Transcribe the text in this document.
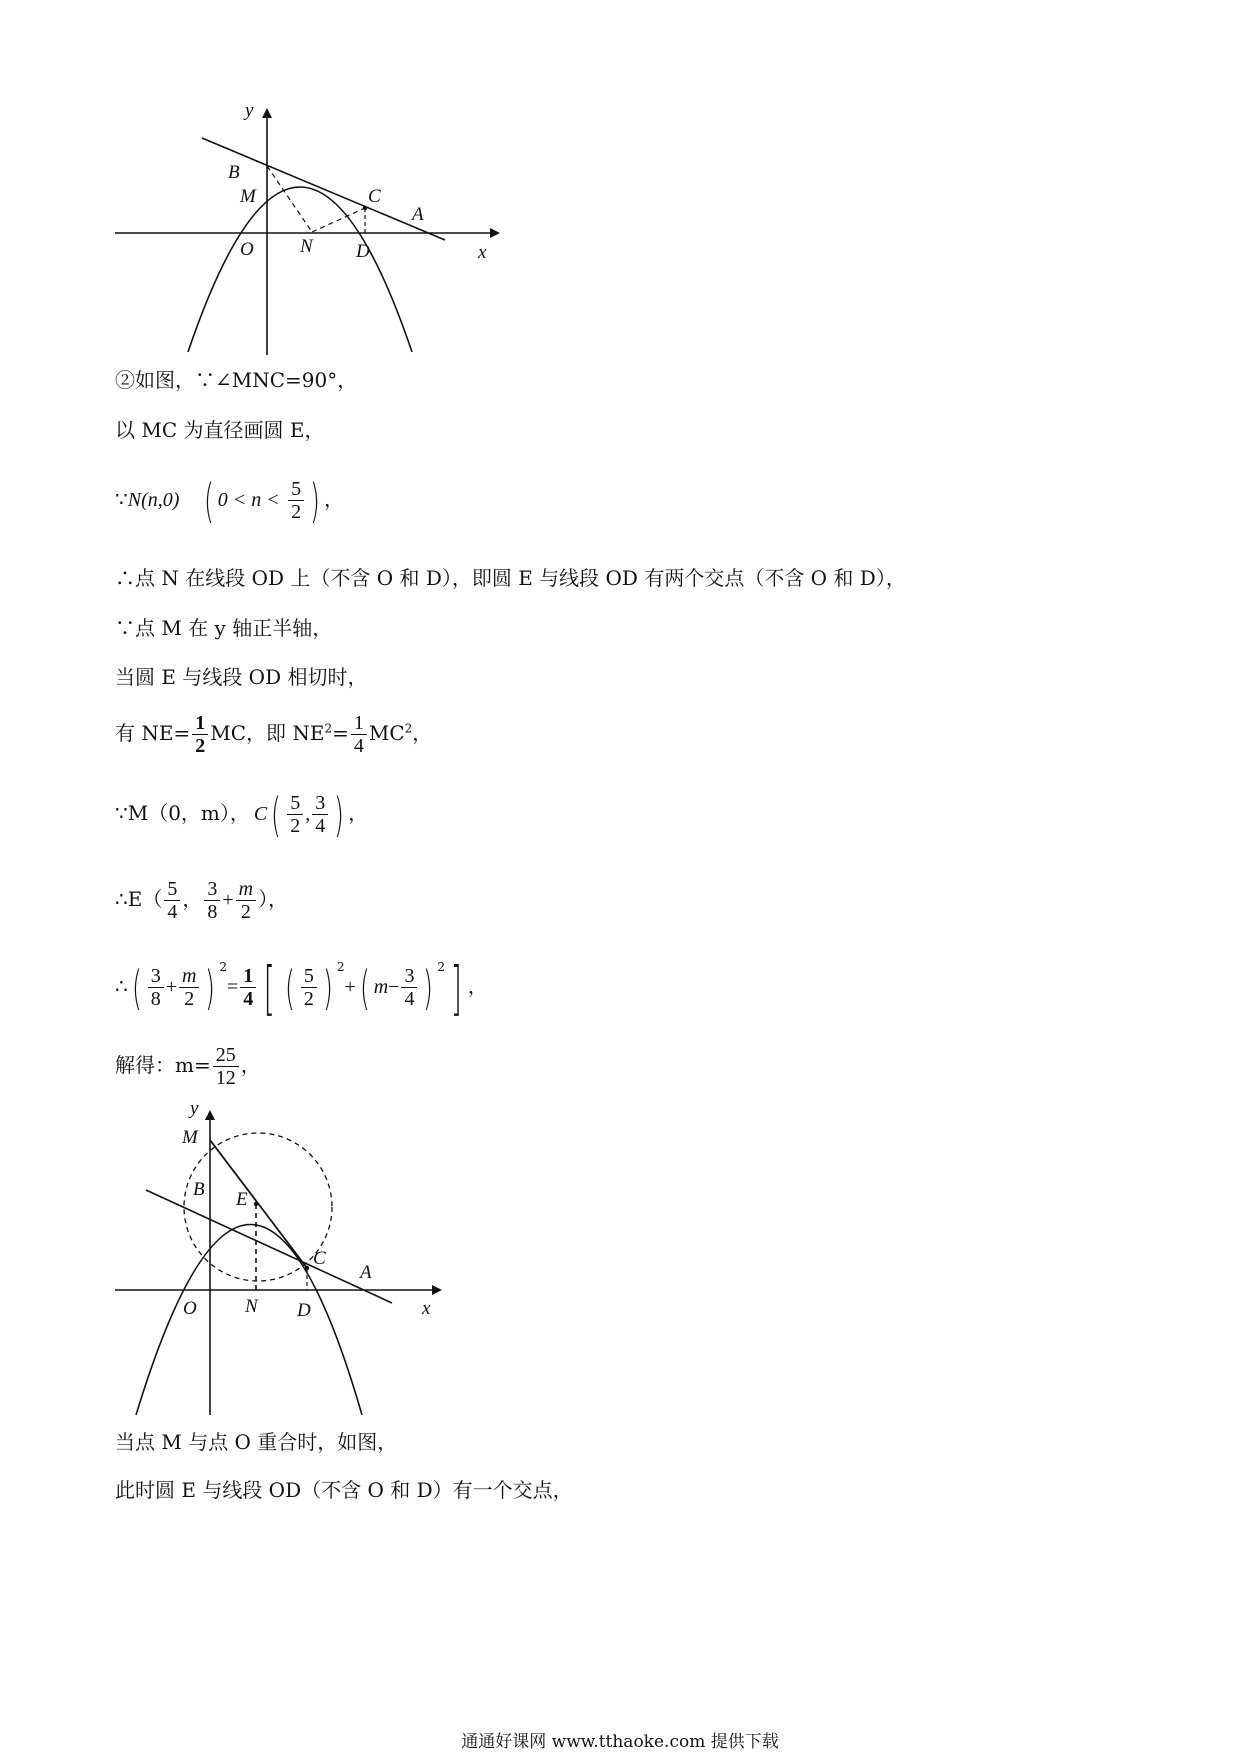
y
x
B
M
O N D
C
A
②如图，∵∠MNC=90°，
以 MC 为直径画圆 E，
∵N(n,0) ( $0 < n < \frac{5}{2}$ ) ，
∴点 N 在线段 OD 上（不含 O 和 D），即圆 E 与线段 OD 有两个交点（不含 O 和 D），
∵点 M 在 y 轴正半轴，
当圆 E 与线段 OD 相切时，
有 $NE= \frac{1}{2}$ MC，即 $NE^2= \frac{1}{4} MC^2$，
∵M（0，m）， $C( \frac{5}{2}$ , $\frac{3}{4}$ ) ，
∴E（ $\frac{5}{4}$ ， $\frac{3}{8} + \frac{m}{2}$ ），
∴( $\frac{3}{8} + \frac{m}{2}$ ) $^2= \frac{1}{4}$ [ ( $\frac{5}{2}$ ) $^2$+( $m- \frac{3}{4}$ ) $^2$] ，
解得：$m= \frac{25}{12}$ ，
y
x
M
B E
C
A
O	N D
当点 M 与点 O 重合时，如图，
此时圆 E 与线段 OD（不含 O 和 D）有一个交点，
通通好课网 www.tthaoke.com 提供下载
